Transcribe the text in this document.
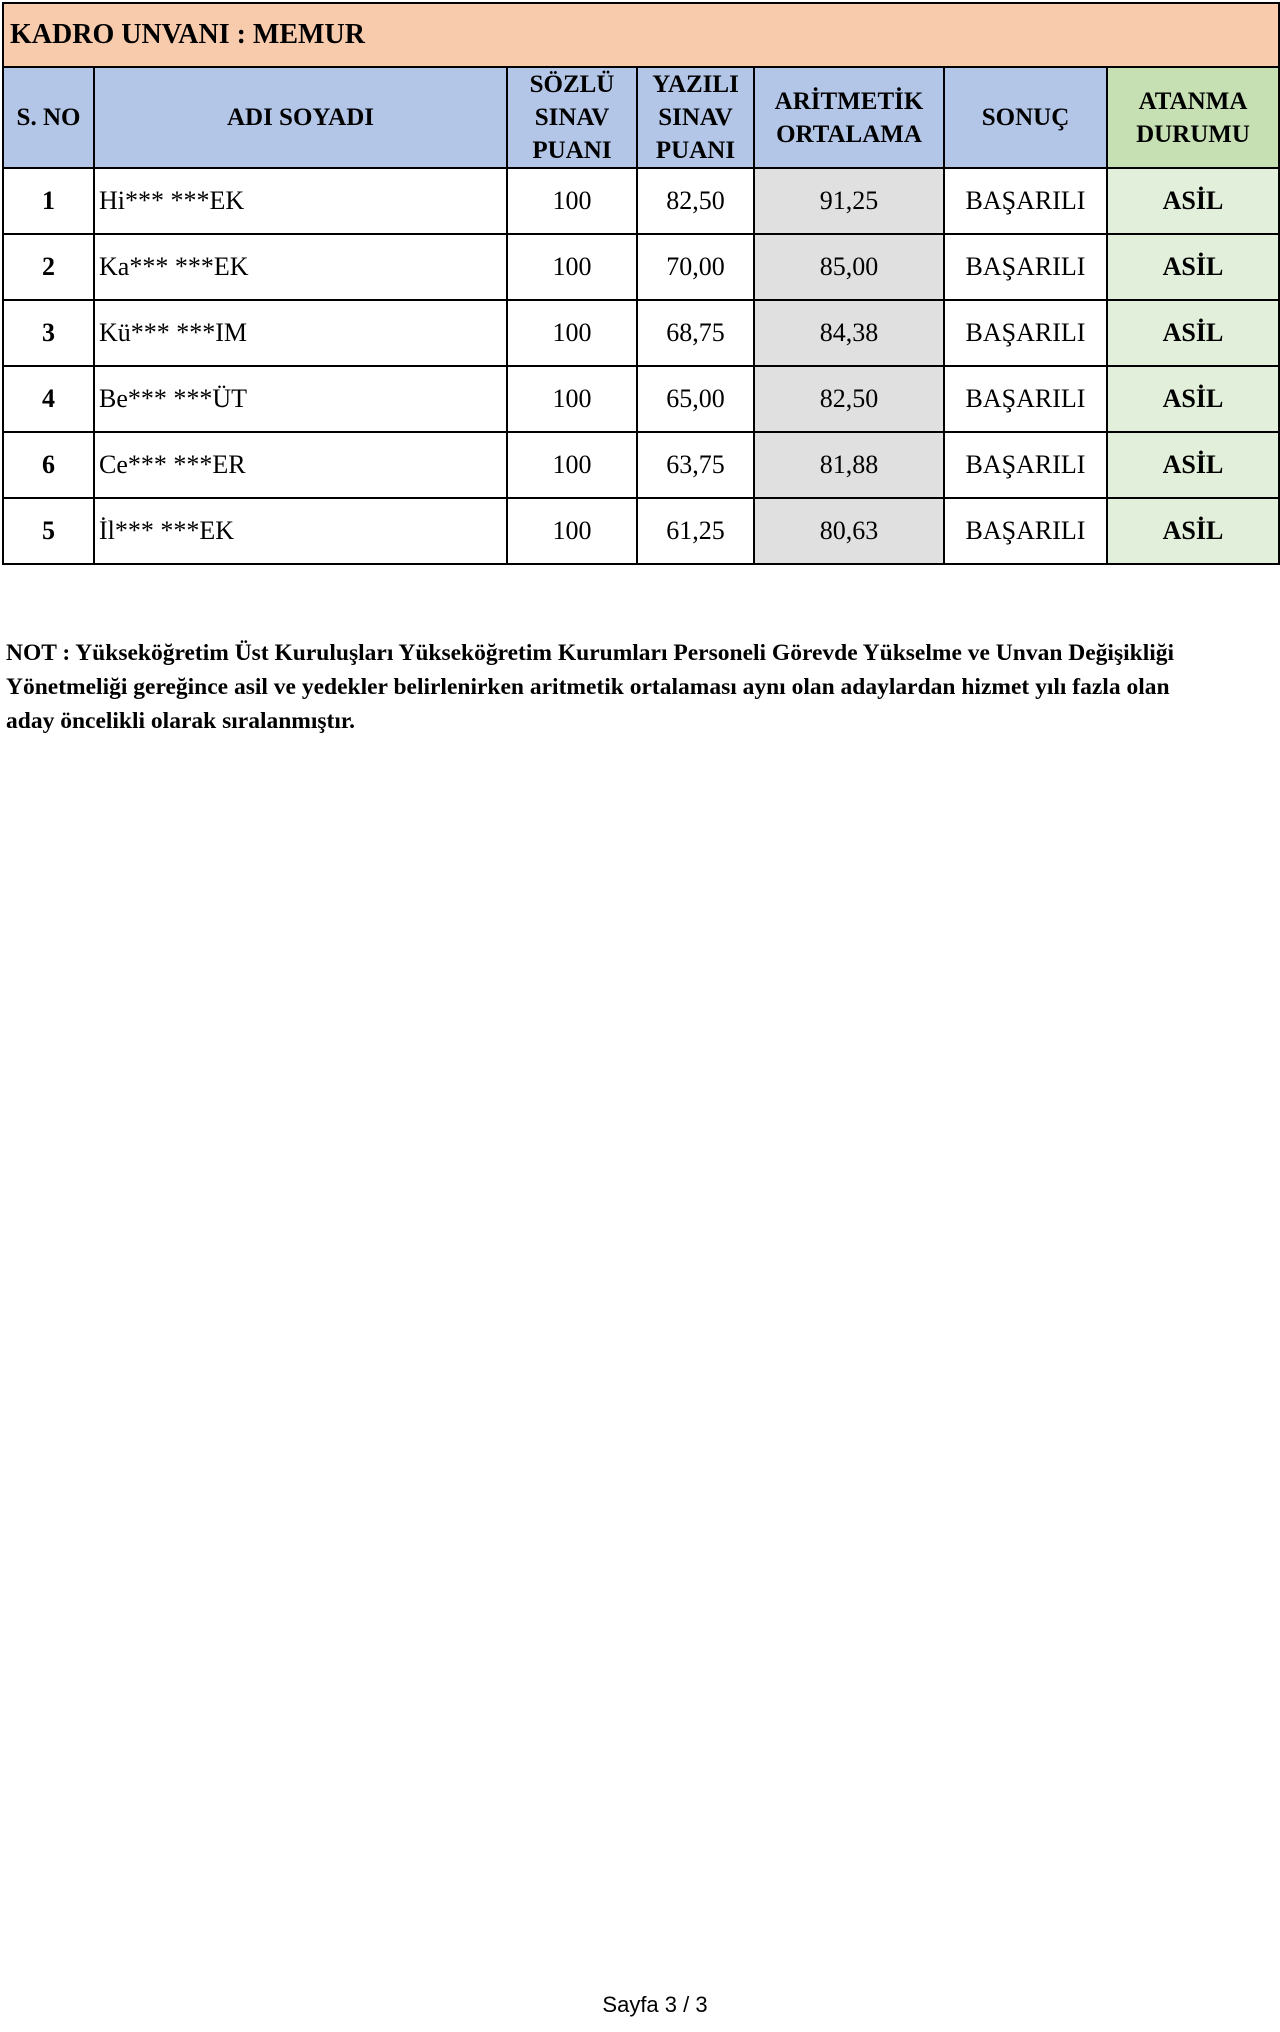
KADRO UNVANI : MEMUR						
S. NO	ADI SOYADI	SÖZLÜ
SINAV
PUANI	YAZILI
SINAV
PUANI	ARİTMETİK
ORTALAMA	SONUÇ	ATANMA
DURUMU
1	Hi*** ***EK	100	82,50	91,25	BAŞARILI	ASİL
2	Ka*** ***EK	100	70,00	85,00	BAŞARILI	ASİL
3	Kü*** ***IM	100	68,75	84,38	BAŞARILI	ASİL
4	Be*** ***ÜT	100	65,00	82,50	BAŞARILI	ASİL
6	Ce*** ***ER	100	63,75	81,88	BAŞARILI	ASİL
5	İl*** ***EK	100	61,25	80,63	BAŞARILI	ASİL

NOT : Yükseköğretim Üst Kuruluşları Yükseköğretim Kurumları Personeli Görevde Yükselme ve Unvan Değişikliği
Yönetmeliği gereğince asil ve yedekler belirlenirken aritmetik ortalaması aynı olan adaylardan hizmet yılı fazla olan
aday öncelikli olarak sıralanmıştır.

Sayfa 3 / 3
